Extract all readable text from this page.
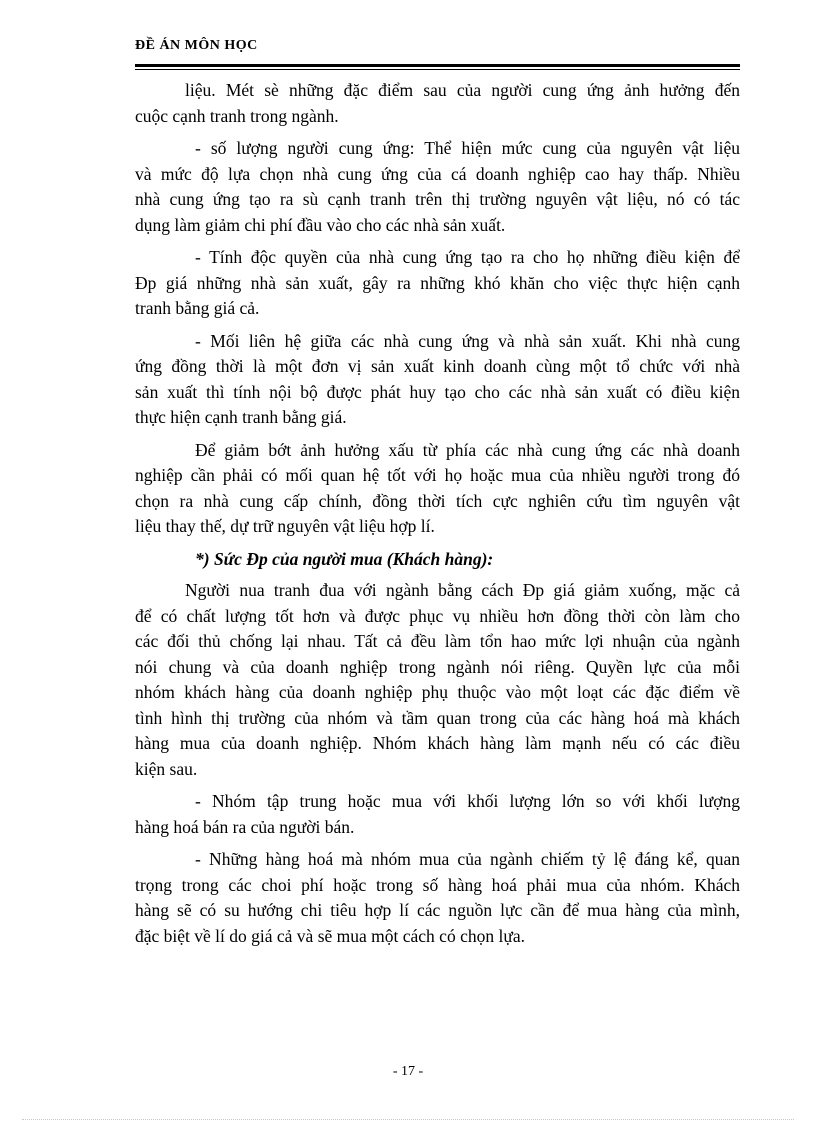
ĐỀ ÁN MÔN HỌC

liệu. Mét sè những đặc điểm sau của người cung ứng ảnh hưởng đến
cuộc cạnh tranh trong ngành.

- số lượng người cung ứng: Thể hiện mức cung của nguyên vật liệu
và mức độ lựa chọn nhà cung ứng của cá doanh nghiệp cao hay thấp. Nhiều
nhà cung ứng tạo ra sù cạnh tranh trên thị trường nguyên vật liệu, nó có tác
dụng làm giảm chi phí đầu vào cho các nhà sản xuất.

- Tính độc quyền của nhà cung ứng tạo ra cho họ những điều kiện để
Đp giá những nhà sản xuất, gây ra những khó khăn cho việc thực hiện cạnh
tranh bằng giá cả.

- Mối liên hệ giữa các nhà cung ứng và nhà sản xuất. Khi nhà cung
ứng đồng thời là một đơn vị sản xuất kinh doanh cùng một tổ chức với nhà
sản xuất thì tính nội bộ được phát huy tạo cho các nhà sản xuất có điều kiện
thực hiện cạnh tranh bằng giá.

Để giảm bớt ảnh hưởng xấu từ phía các nhà cung ứng các nhà doanh
nghiệp cần phải có mối quan hệ tốt với họ hoặc mua của nhiều người trong đó
chọn ra nhà cung cấp chính, đồng thời tích cực nghiên cứu tìm nguyên vật
liệu thay thế, dự trữ nguyên vật liệu hợp lí.

*) Sức Đp của người mua (Khách hàng):

Người nua tranh đua với ngành bằng cách Đp giá giảm xuống, mặc cả
để có chất lượng tốt hơn và được phục vụ nhiều hơn đồng thời còn làm cho
các đối thủ chống lại nhau. Tất cả đều làm tổn hao mức lợi nhuận của ngành
nói chung và của doanh nghiệp trong ngành nói riêng. Quyền lực của mỗi
nhóm khách hàng của doanh nghiệp phụ thuộc vào một loạt các đặc điểm về
tình hình thị trường của nhóm và tầm quan trong của các hàng hoá mà khách
hàng mua của doanh nghiệp. Nhóm khách hàng làm mạnh nếu có các điều
kiện sau.

- Nhóm tập trung hoặc mua với khối lượng lớn so với khối lượng
hàng hoá bán ra của người bán.

- Những hàng hoá mà nhóm mua của ngành chiếm tỷ lệ đáng kể, quan
trọng trong các choi phí hoặc trong số hàng hoá phải mua của nhóm. Khách
hàng sẽ có su hướng chi tiêu hợp lí các nguồn lực cần để mua hàng của mình,
đặc biệt về lí do giá cả và sẽ mua một cách có chọn lựa.

- 17 -
